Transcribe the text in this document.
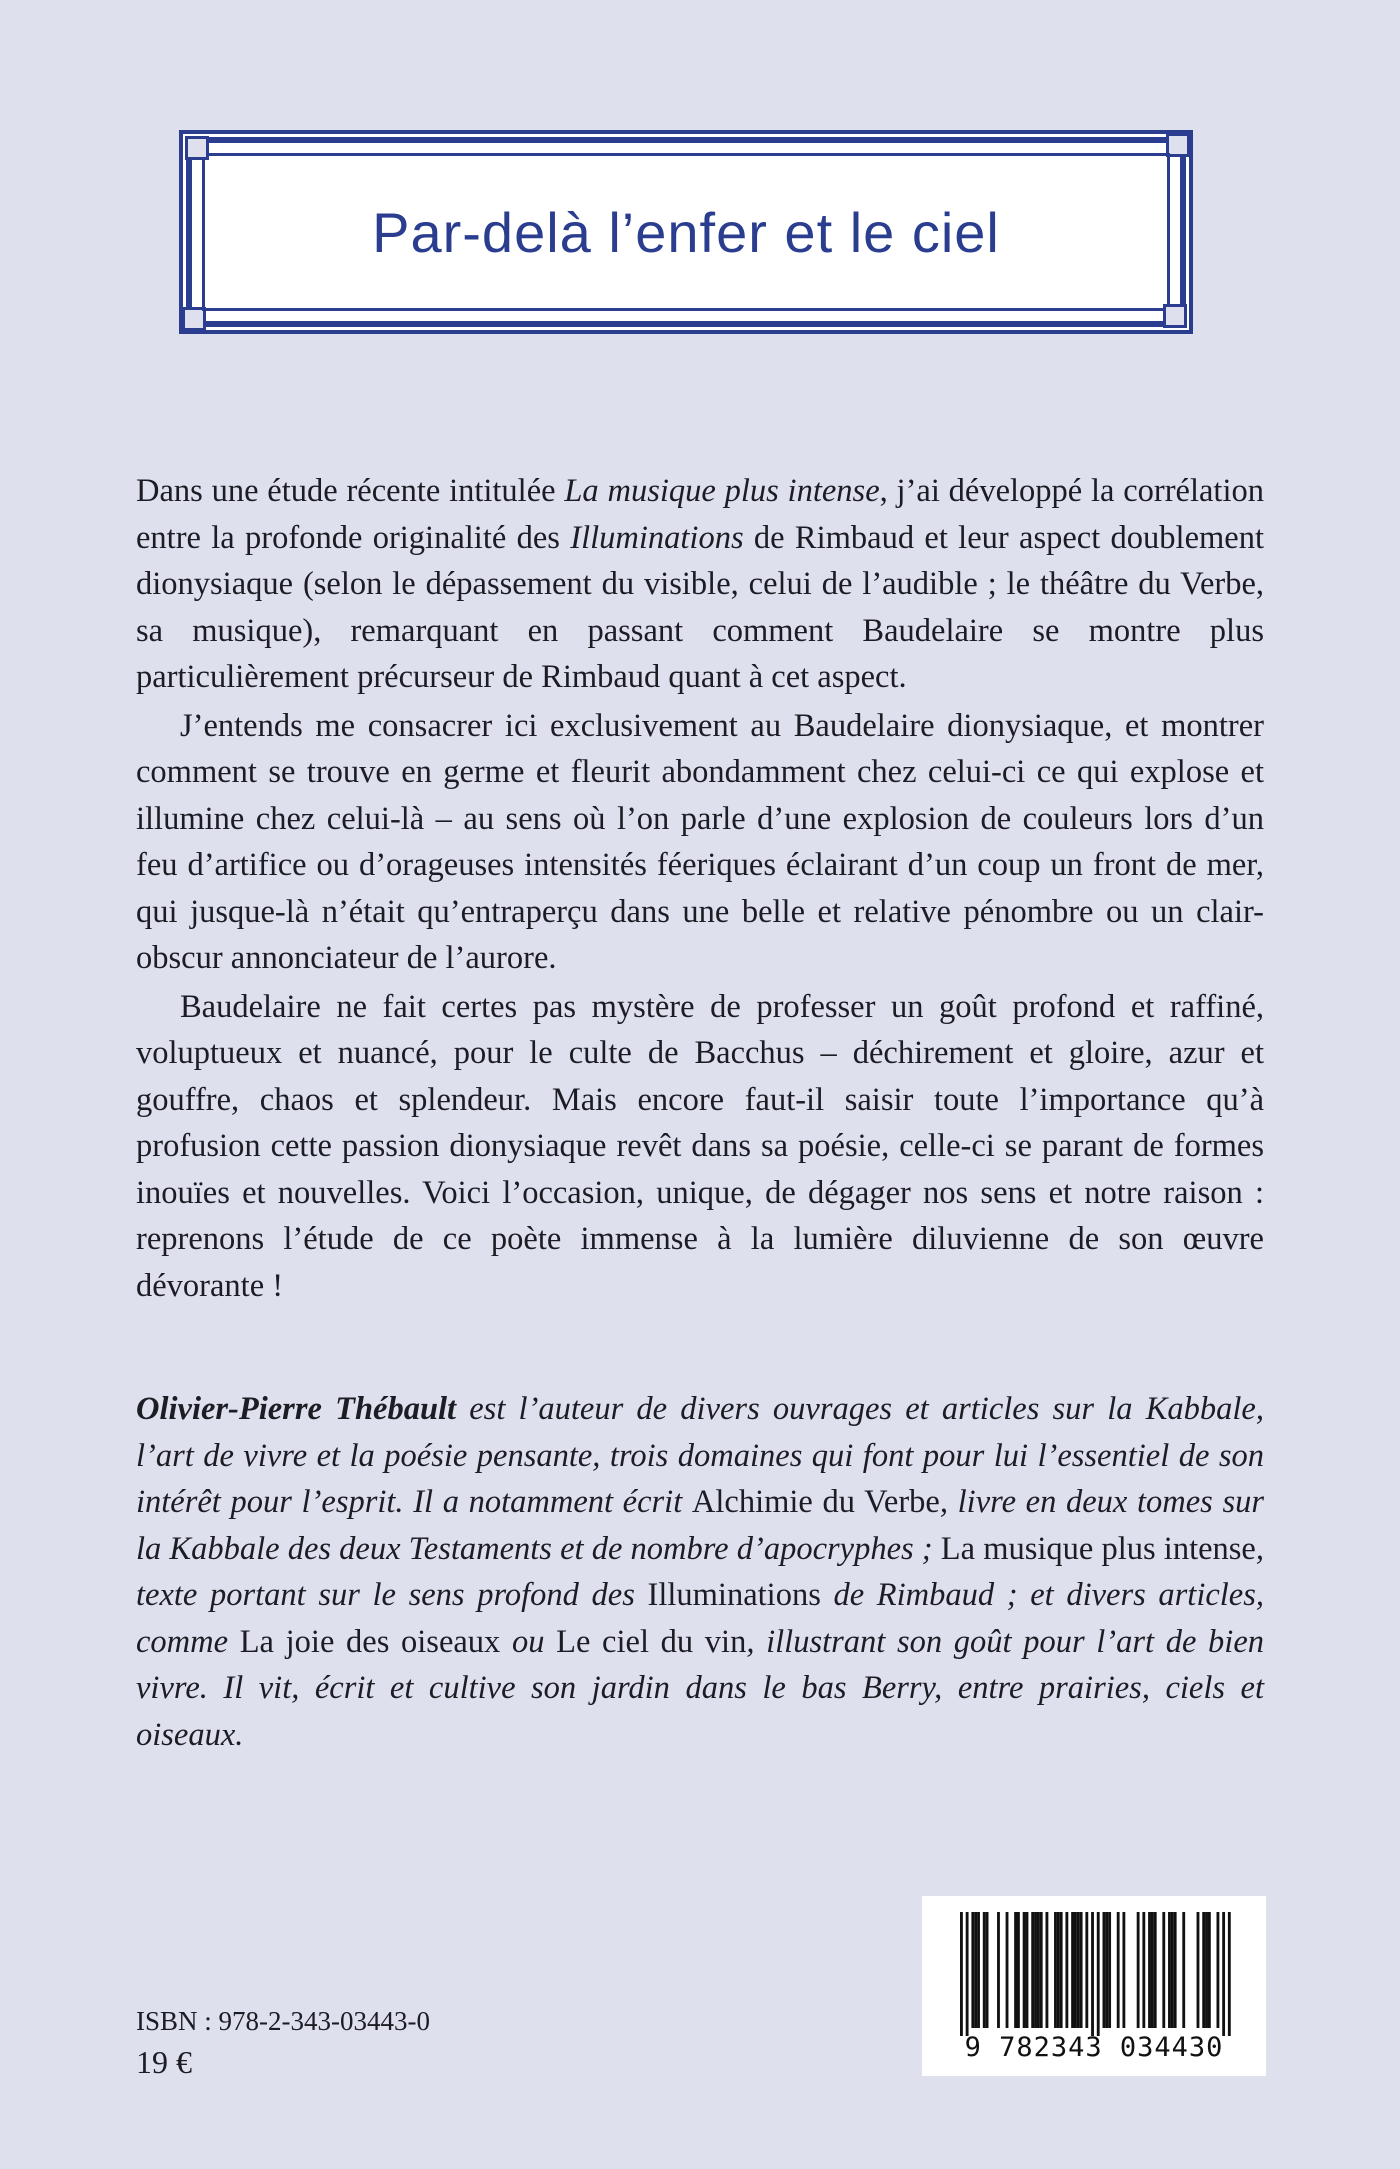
Par-delà l’enfer et le ciel

Dans une étude récente intitulée La musique plus intense, j’ai développé la corrélation entre la profonde originalité des Illuminations de Rimbaud et leur aspect doublement dionysiaque (selon le dépassement du visible, celui de l’audible ; le théâtre du Verbe, sa musique), remarquant en passant comment Baudelaire se montre plus particulièrement précurseur de Rimbaud quant à cet aspect.

J’entends me consacrer ici exclusivement au Baudelaire dionysiaque, et montrer comment se trouve en germe et fleurit abondamment chez celui-ci ce qui explose et illumine chez celui-là – au sens où l’on parle d’une explosion de couleurs lors d’un feu d’artifice ou d’orageuses intensités féeriques éclairant d’un coup un front de mer, qui jusque-là n’était qu’entraperçu dans une belle et relative pénombre ou un clair-obscur annonciateur de l’aurore.

Baudelaire ne fait certes pas mystère de professer un goût profond et raffiné, voluptueux et nuancé, pour le culte de Bacchus – déchirement et gloire, azur et gouffre, chaos et splendeur. Mais encore faut-il saisir toute l’importance qu’à profusion cette passion dionysiaque revêt dans sa poésie, celle-ci se parant de formes inouïes et nouvelles. Voici l’occasion, unique, de dégager nos sens et notre raison : reprenons l’étude de ce poète immense à la lumière diluvienne de son œuvre dévorante !

Olivier-Pierre Thébault est l’auteur de divers ouvrages et articles sur la Kabbale, l’art de vivre et la poésie pensante, trois domaines qui font pour lui l’essentiel de son intérêt pour l’esprit. Il a notamment écrit Alchimie du Verbe, livre en deux tomes sur la Kabbale des deux Testaments et de nombre d’apocryphes ; La musique plus intense, texte portant sur le sens profond des Illuminations de Rimbaud ; et divers articles, comme La joie des oiseaux ou Le ciel du vin, illustrant son goût pour l’art de bien vivre. Il vit, écrit et cultive son jardin dans le bas Berry, entre prairies, ciels et oiseaux.

ISBN : 978-2-343-03443-0
19 €	9 782343 034430
